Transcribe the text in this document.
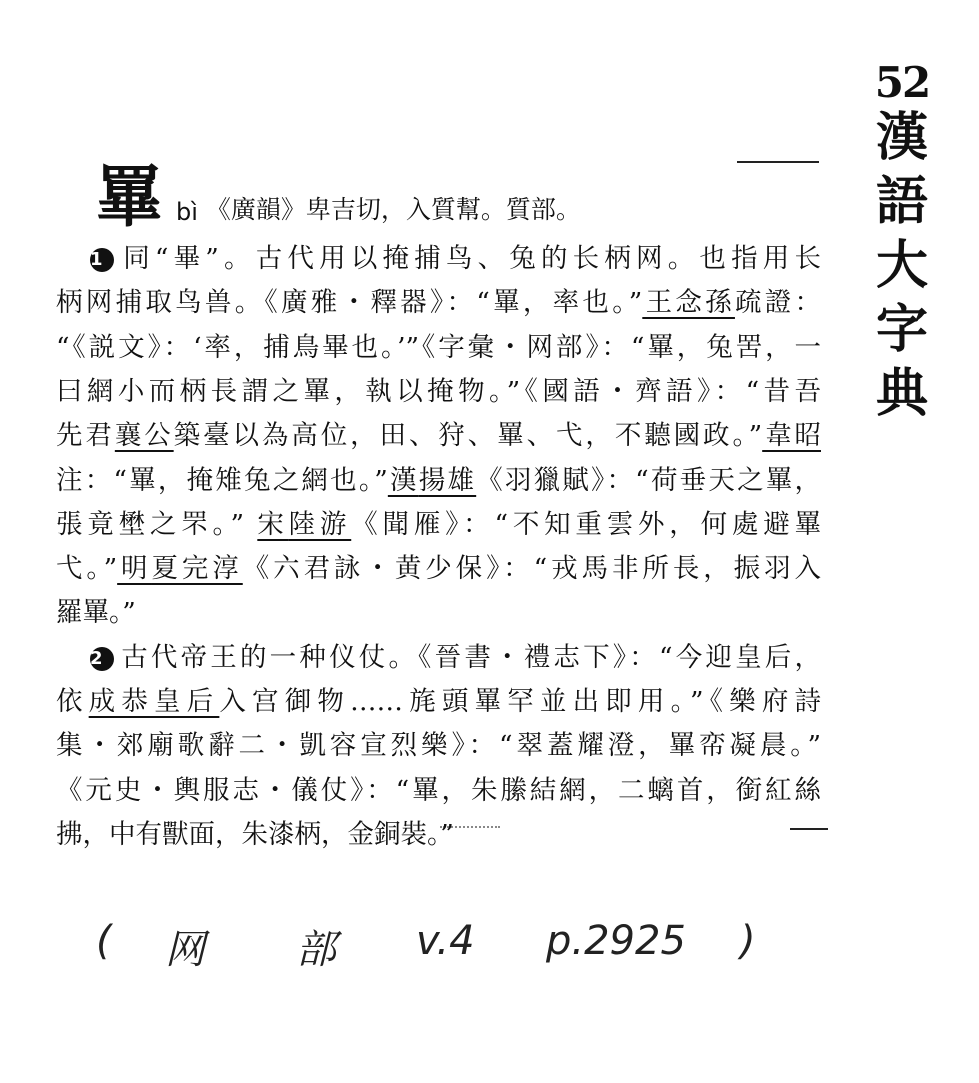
52
漢
語
大
字
典
罼 bì 《廣韻》卑吉切，入質幫。質部。
1 同“畢”。古代用以掩捕鸟、兔的长柄网。也指用长
柄网捕取鸟兽。《廣雅・釋器》：“罼，率也。”王念孫疏證：
“《説文》：‘率，捕鳥畢也。’”《字彙・网部》：“罼，兔罟，一
曰網小而柄長謂之罼，執以掩物。”《國語・齊語》：“昔吾
先君襄公築臺以為高位，田、狩、罼、弋，不聽國政。”韋昭
注：“罼，掩雉兔之網也。”漢揚雄《羽獵賦》：“荷垂天之罼，
張竟壄之罘。” 宋陸游《聞雁》：“不知重雲外，何處避罼
弋。”明夏完淳《六君詠・黄少保》：“戎馬非所長，振羽入
羅罼。”
2 古代帝王的一种仪仗。《晉書・禮志下》：“今迎皇后，
依成恭皇后入宫御物……旄頭罼罕並出即用。”《樂府詩
集・郊廟歌辭二・凱容宣烈樂》：“翠蓋耀澄，罼帟凝晨。”
《元史・輿服志・儀仗》：“罼，朱縢結網，二螭首，銜紅絲
拂，中有獸面，朱漆柄，金銅裝。”
( 网 部 v.4 p.2925 )
